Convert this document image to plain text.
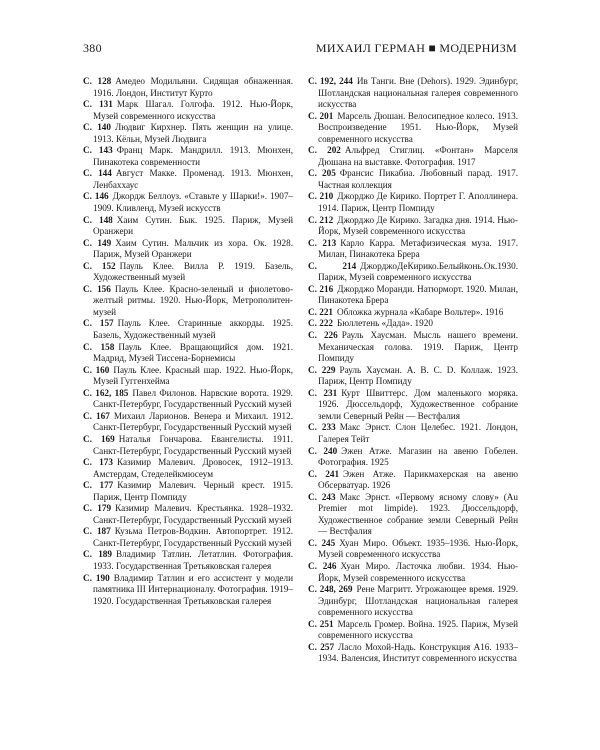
380	МИХАИЛ ГЕРМАН ■ МОДЕРНИЗМ

С. 128 Амедео Модильяни. Сидящая обнаженная. 1916. Лондон, Институт Курто

С. 131 Марк Шагал. Голгофа. 1912. Нью-Йорк, Музей современного искусства

С. 140 Людвиг Кирхнер. Пять женщин на улице. 1913. Кёльн, Музей Людвига

С. 143 Франц Марк. Мандрилл. 1913. Мюнхен, Пинакотека современности

С. 144 Август Макке. Променад. 1913. Мюнхен, Ленбаххаус

С. 146 Джордж Беллоуз. «Ставьте у Шарки!». 1907–1909. Кливленд, Музей искусств

С. 148 Хаим Сутин. Бык. 1925. Париж, Музей Оранжери

С. 149 Хаим Сутин. Мальчик из хора. Ок. 1928. Париж, Музей Оранжери

С. 152 Пауль Клее. Вилла Р. 1919. Базель, Художественный музей

С. 156 Пауль Клее. Красно-зеленый и фиолетово-желтый ритмы. 1920. Нью-Йорк, Метрополитен-музей

С. 157 Пауль Клее. Старинные аккорды. 1925. Базель, Художественный музей

С. 158 Пауль Клее. Вращающийся дом. 1921. Мадрид, Музей Тиссена-Борнемисы

С. 160 Пауль Клее. Красный шар. 1922. Нью-Йорк, Музей Гуггенхейма

С. 162, 185 Павел Филонов. Нарвские ворота. 1929. Санкт-Петербург, Государственный Русский музей

С. 167 Михаил Ларионов. Венера и Михаил. 1912. Санкт-Петербург, Государственный Русский музей

С. 169 Наталья Гончарова. Евангелисты. 1911. Санкт-Петербург, Государственный Русский музей

С. 173 Казимир Малевич. Дровосек, 1912–1913. Амстердам, Стеделейкмюсеум

С. 177 Казимир Малевич. Черный крест. 1915. Париж, Центр Помпиду

С. 179 Казимир Малевич. Крестьянка. 1928–1932. Санкт-Петербург, Государственный Русский музей

С. 187 Кузьма Петров-Водкин. Автопортрет. 1912. Санкт-Петербург, Государственный Русский музей

С. 189 Владимир Татлин. Летатлин. Фотография. 1933. Государственная Третьяковская галерея

С. 190 Владимир Татлин и его ассистент у модели памятника III Интернационалу. Фотография. 1919–1920. Государственная Третьяковская галерея

С. 192, 244 Ив Танги. Вне (Dehors). 1929. Эдинбург, Шотландская национальная галерея современного искусства

С. 201 Марсель Дюшан. Велосипедное колесо. 1913. Воспроизведение 1951. Нью-Йорк, Музей современного искусства

С. 202 Альфред Стиглиц. «Фонтан» Марселя Дюшана на выставке. Фотография. 1917

С. 205 Франсис Пикабиа. Любовный парад. 1917. Частная коллекция

С. 210 Джорджо Де Кирико. Портрет Г. Аполлинера. 1914. Париж, Центр Помпиду

С. 212 Джорджо Де Кирико. Загадка дня. 1914. Нью-Йорк, Музей современного искусства

С. 213 Карло Карра. Метафизическая муза. 1917. Милан, Пинакотека Брера

С. 214 ДжорджоДеКирико.Белыйконь.Ок.1930. Париж, Музей современного искусства

С. 216 Джорджо Моранди. Натюрморт. 1920. Милан, Пинакотека Брера

С. 221 Обложка журнала «Кабаре Вольтер». 1916

С. 222 Бюллетень «Дада». 1920

С. 226 Рауль Хаусман. Мысль нашего времени. Механическая голова. 1919. Париж, Центр Помпиду

С. 229 Рауль Хаусман. A. B. C. D. Коллаж. 1923. Париж, Центр Помпиду

С. 231 Курт Швиттерс. Дом маленького моряка. 1926. Дюссельдорф, Художественное собрание земли Северный Рейн — Вестфалия

С. 233 Макс Эрнст. Слон Целебес. 1921. Лондон, Галерея Тейт

С. 240 Эжен Атже. Магазин на авеню Гобелен. Фотография. 1925

С. 241 Эжен Атже. Парикмахерская на авеню Обсерватуар. 1926

С. 243 Макс Эрнст. «Первому ясному слову» (Au Premier mot limpide). 1923. Дюссельдорф, Художественное собрание земли Северный Рейн — Вестфалия

С. 245 Хуан Миро. Объект. 1935–1936. Нью-Йорк, Музей современного искусства

С. 246 Хуан Миро. Ласточка любви. 1934. Нью-Йорк, Музей современного искусства

С. 248, 269 Рене Магритт. Угрожающее время. 1929. Эдинбург, Шотландская национальная галерея современного искусства

С. 251 Марсель Громер. Война. 1925. Париж, Музей современного искусства

С. 257 Ласло Мохой-Надь. Конструкция А16. 1933–1934. Валенсия, Институт современного искусства
